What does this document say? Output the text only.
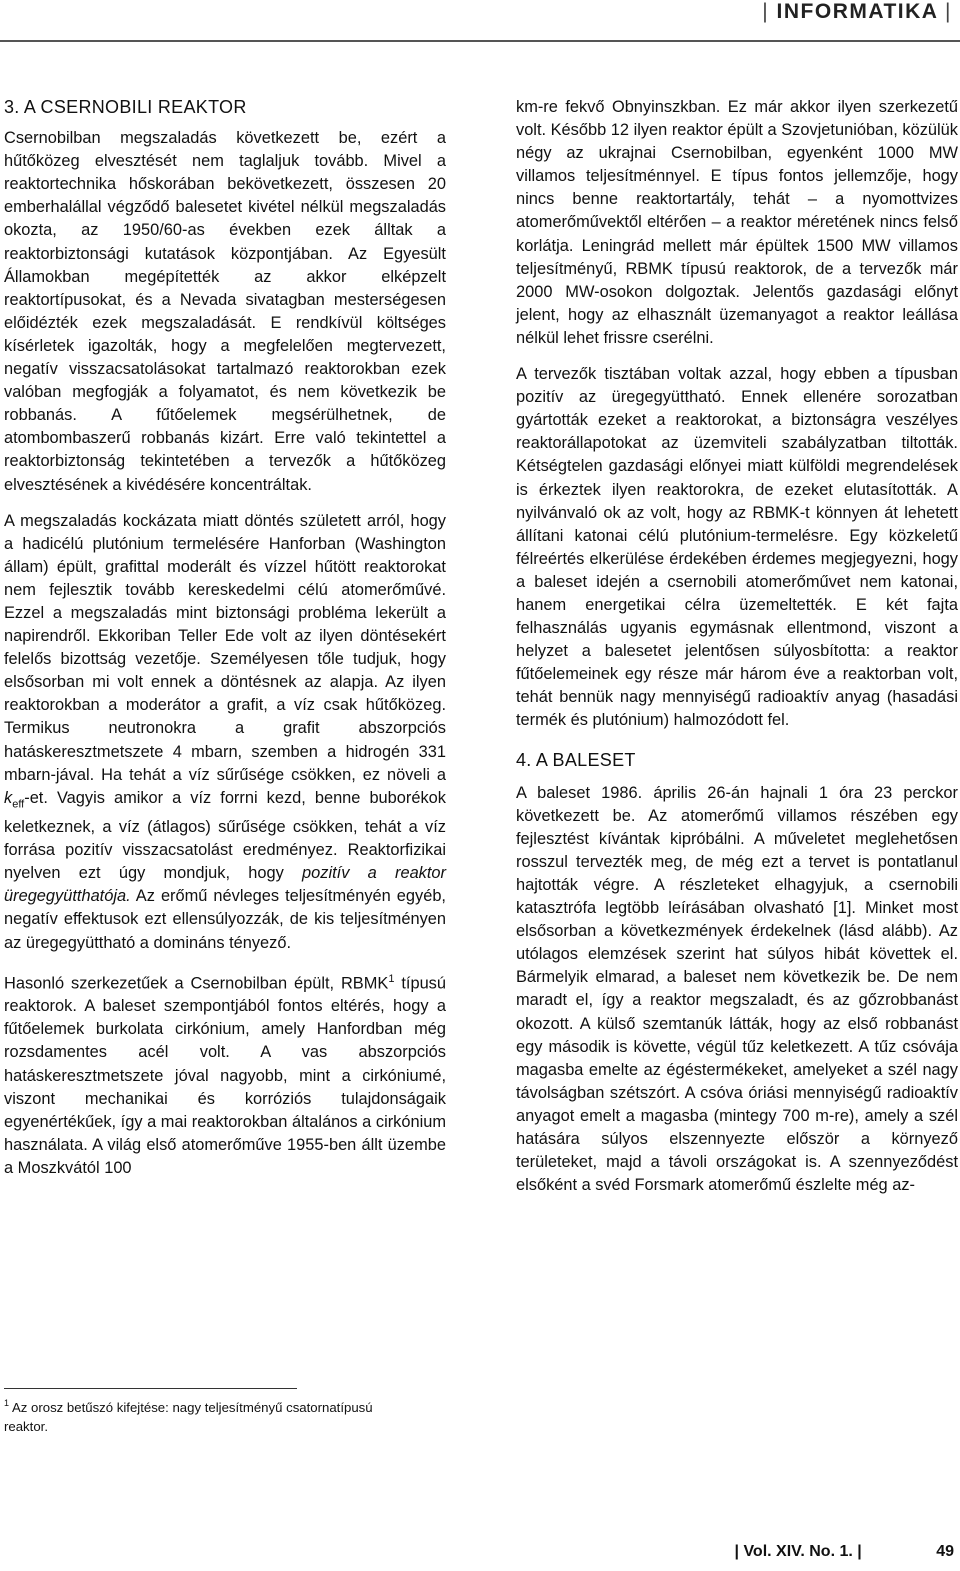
| INFORMATIKA |
3. A CSERNOBILI REAKTOR

Csernobilban megszaladás következett be, ezért a hűtőközeg elvesztését nem taglaljuk tovább. Mivel a reaktortechnika hőskorában bekövetkezett, összesen 20 emberhalállal végződő balesetet kivétel nélkül megszaladás okozta, az 1950/60-as években ezek álltak a reaktorbiztonsági kutatások központjában. Az Egyesült Államokban megépítették az akkor elképzelt reaktortípusokat, és a Nevada sivatagban mesterségesen előidézték ezek megszaladását. E rendkívül költséges kísérletek igazolták, hogy a megfelelően megtervezett, negatív visszacsatolásokat tartalmazó reaktorokban ezek valóban megfogják a folyamatot, és nem következik be robbanás. A fűtőelemek megsérülhetnek, de atombombaszerű robbanás kizárt. Erre való tekintettel a reaktorbiztonság tekintetében a tervezők a hűtőközeg elvesztésének a kivédésére koncentráltak.

A megszaladás kockázata miatt döntés született arról, hogy a hadicélú plutónium termelésére Hanforban (Washington állam) épült, grafittal moderált és vízzel hűtött reaktorokat nem fejlesztik tovább kereskedelmi célú atomerőművé. Ezzel a megszaladás mint biztonsági probléma lekerült a napirendről. Ekkoriban Teller Ede volt az ilyen döntésekért felelős bizottság vezetője. Személyesen tőle tudjuk, hogy elsősorban mi volt ennek a döntésnek az alapja. Az ilyen reaktorokban a moderátor a grafit, a víz csak hűtőközeg. Termikus neutronokra a grafit abszorpciós hatáskeresztmetszete 4 mbarn, szemben a hidrogén 331 mbarn-jával. Ha tehát a víz sűrűsége csökken, ez növeli a $k_{eff}-et$. Vagyis amikor a víz forrni kezd, benne buborékok keletkeznek, a víz (átlagos) sűrűsége csökken, tehát a víz forrása pozitív visszacsatolást eredményez. Reaktorfizikai nyelven ezt úgy mondjuk, hogy pozitív a reaktor üregegyütthatója. Az erőmű névleges teljesítményén egyéb, negatív effektusok ezt ellensúlyozzák, de kis teljesítményen az üregegyüttható a domináns tényező.

Hasonló szerkezetűek a Csernobilban épült, RBMK$^1$ típusú reaktorok. A baleset szempontjából fontos eltérés, hogy a fűtőelemek burkolata cirkónium, amely Hanfordban még rozsdamentes acél volt. A vas abszorpciós hatáskeresztmetszete jóval nagyobb, mint a cirkóniumé, viszont mechanikai és korróziós tulajdonságaik egyenértékűek, így a mai reaktorokban általános a cirkónium használata. A világ első atomerőműve 1955-ben állt üzembe a Moszkvától 100

$^1$ Az orosz betűszó kifejtése: nagy teljesítményű csatornatípusú reaktor.

km-re fekvő Obnyinszkban. Ez már akkor ilyen szerkezetű volt. Később 12 ilyen reaktor épült a Szovjetunióban, közülük négy az ukrajnai Csernobilban, egyenként 1000 MW villamos teljesítménnyel. E típus fontos jellemzője, hogy nincs benne reaktortartály, tehát – a nyomottvizes atomerőművektől eltérően – a reaktor méretének nincs felső korlátja. Leningrád mellett már épültek 1500 MW villamos teljesítményű, RBMK típusú reaktorok, de a tervezők már 2000 MW-osokon dolgoztak. Jelentős gazdasági előnyt jelent, hogy az elhasznált üzemanyagot a reaktor leállása nélkül lehet frissre cserélni.

A tervezők tisztában voltak azzal, hogy ebben a típusban pozitív az üregegyüttható. Ennek ellenére sorozatban gyártották ezeket a reaktorokat, a biztonságra veszélyes reaktorállapotokat az üzemviteli szabályzatban tiltották. Kétségtelen gazdasági előnyei miatt külföldi megrendelések is érkeztek ilyen reaktorokra, de ezeket elutasították. A nyilvánvaló ok az volt, hogy az RBMK-t könnyen át lehetett állítani katonai célú plutónium-termelésre. Egy közkeletű félreértés elkerülése érdekében érdemes megjegyezni, hogy a baleset idején a csernobili atomerőművet nem katonai, hanem energetikai célra üzemeltették. E két fajta felhasználás ugyanis egymásnak ellentmond, viszont a helyzet a balesetet jelentősen súlyosbította: a reaktor fűtőelemeinek egy része már három éve a reaktorban volt, tehát bennük nagy mennyiségű radioaktív anyag (hasadási termék és plutónium) halmozódott fel.

4. A BALESET

A baleset 1986. április 26-án hajnali 1 óra 23 perckor következett be. Az atomerőmű villamos részében egy fejlesztést kívántak kipróbálni. A műveletet meglehetősen rosszul tervezték meg, de még ezt a tervet is pontatlanul hajtották végre. A részleteket elhagyjuk, a csernobili katasztrófa legtöbb leírásában olvasható [1]. Minket most elsősorban a következmények érdekelnek (lásd alább). Az utólagos elemzések szerint hat súlyos hibát követtek el. Bármelyik elmarad, a baleset nem következik be. De nem maradt el, így a reaktor megszaladt, és az gőzrobbanást okozott. A külső szemtanúk látták, hogy az első robbanást egy második is követte, végül tűz keletkezett. A tűz csóvája magasba emelte az égéstermékeket, amelyeket a szél nagy távolságban szétszórt. A csóva óriási mennyiségű radioaktív anyagot emelt a magasba (mintegy 700 m-re), amely a szél hatására súlyos elszennyezte először a környező területeket, majd a távoli országokat is. A szennyeződést elsőként a svéd Forsmark atomerőmű észlelte még az-

| Vol. XIV. No. 1. |	49
